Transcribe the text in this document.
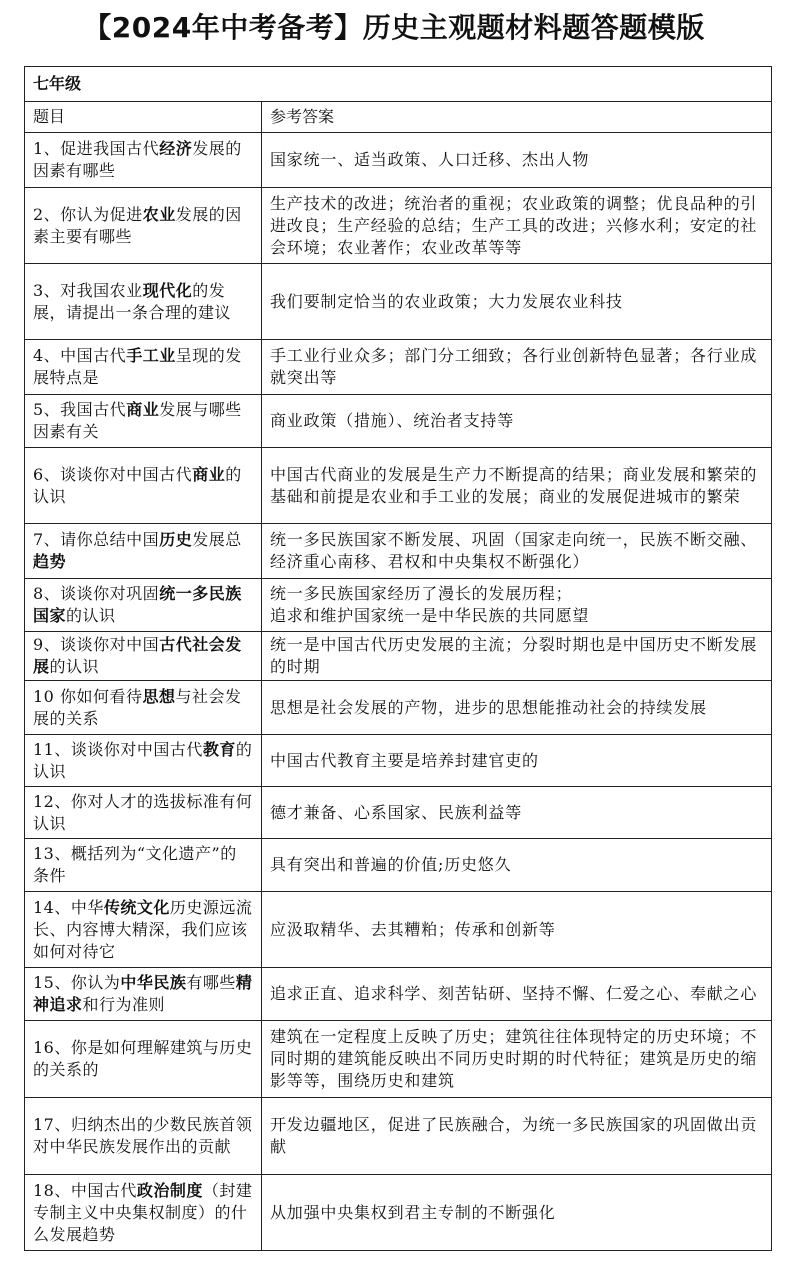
【2024年中考备考】历史主观题材料题答题模版
七年级	
题目	参考答案
1、促进我国古代经济发展的因素有哪些	国家统一、适当政策、人口迁移、杰出人物
2、你认为促进农业发展的因素主要有哪些	生产技术的改进；统治者的重视；农业政策的调整；优良品种的引进改良；生产经验的总结；生产工具的改进；兴修水利；安定的社会环境；农业著作；农业改革等等
3、对我国农业现代化的发展，请提出一条合理的建议	我们要制定恰当的农业政策；大力发展农业科技
4、中国古代手工业呈现的发展特点是	手工业行业众多；部门分工细致；各行业创新特色显著；各行业成就突出等
5、我国古代商业发展与哪些因素有关	商业政策（措施）、统治者支持等
6、谈谈你对中国古代商业的认识	中国古代商业的发展是生产力不断提高的结果；商业发展和繁荣的基础和前提是农业和手工业的发展；商业的发展促进城市的繁荣
7、请你总结中国历史发展总趋势	统一多民族国家不断发展、巩固（国家走向统一，民族不断交融、经济重心南移、君权和中央集权不断强化）
8、谈谈你对巩固统一多民族国家的认识	统一多民族国家经历了漫长的发展历程；
追求和维护国家统一是中华民族的共同愿望
9、谈谈你对中国古代社会发展的认识	统一是中国古代历史发展的主流；分裂时期也是中国历史不断发展的时期
10 你如何看待思想与社会发展的关系	思想是社会发展的产物，进步的思想能推动社会的持续发展
11、谈谈你对中国古代教育的认识	中国古代教育主要是培养封建官吏的
12、你对人才的选拔标准有何认识	德才兼备、心系国家、民族利益等
13、概括列为“文化遗产”的条件	具有突出和普遍的价值;历史悠久
14、中华传统文化历史源远流长、内容博大精深，我们应该如何对待它	应汲取精华、去其糟粕；传承和创新等
15、你认为中华民族有哪些精神追求和行为准则	追求正直、追求科学、刻苦钻研、坚持不懈、仁爱之心、奉献之心
16、你是如何理解建筑与历史的关系的	建筑在一定程度上反映了历史；建筑往往体现特定的历史环境；不同时期的建筑能反映出不同历史时期的时代特征；建筑是历史的缩影等等，围绕历史和建筑
17、归纳杰出的少数民族首领对中华民族发展作出的贡献	开发边疆地区，促进了民族融合，为统一多民族国家的巩固做出贡献
18、中国古代政治制度（封建专制主义中央集权制度）的什么发展趋势	从加强中央集权到君主专制的不断强化
